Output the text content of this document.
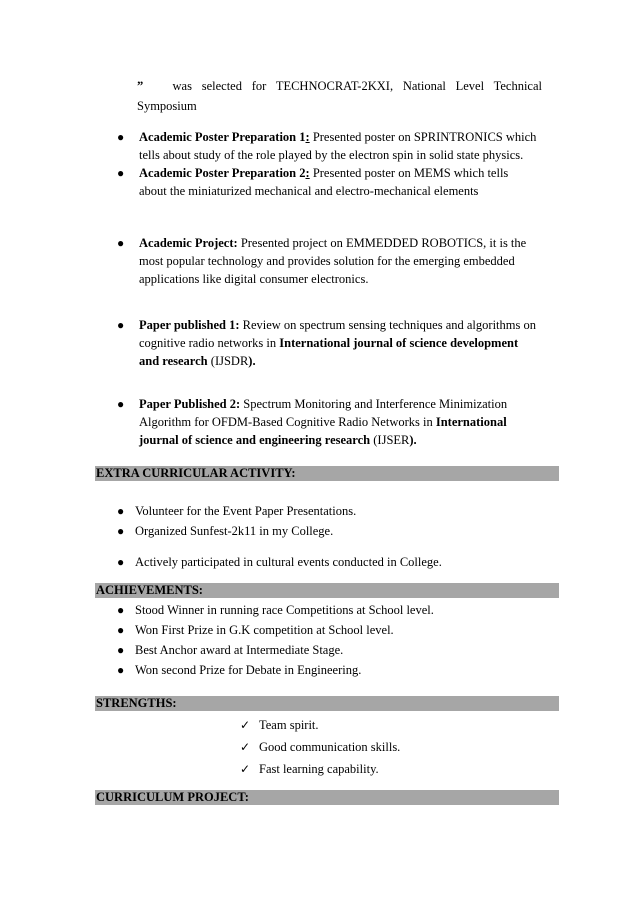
” was selected for TECHNOCRAT-2KXI, National Level Technical
Symposium
● Academic Poster Preparation 1: Presented poster on SPRINTRONICS which tells about study of the role played by the electron spin in solid state physics.
● Academic Poster Preparation 2: Presented poster on MEMS which tells about the miniaturized mechanical and electro-mechanical elements
● Academic Project: Presented project on EMMEDDED ROBOTICS, it is the most popular technology and provides solution for the emerging embedded applications like digital consumer electronics.
● Paper published 1: Review on spectrum sensing techniques and algorithms on cognitive radio networks in International journal of science development and research (IJSDR).
● Paper Published 2: Spectrum Monitoring and Interference Minimization Algorithm for OFDM-Based Cognitive Radio Networks in International journal of science and engineering research (IJSER).
EXTRA CURRICULAR ACTIVITY:
● Volunteer for the Event Paper Presentations.
● Organized Sunfest-2k11 in my College.
● Actively participated in cultural events conducted in College.
ACHIEVEMENTS:
● Stood Winner in running race Competitions at School level.
● Won First Prize in G.K competition at School level.
● Best Anchor award at Intermediate Stage.
● Won second Prize for Debate in Engineering.
STRENGTHS:
✓ Team spirit.
✓ Good communication skills.
✓ Fast learning capability.
CURRICULUM PROJECT:
